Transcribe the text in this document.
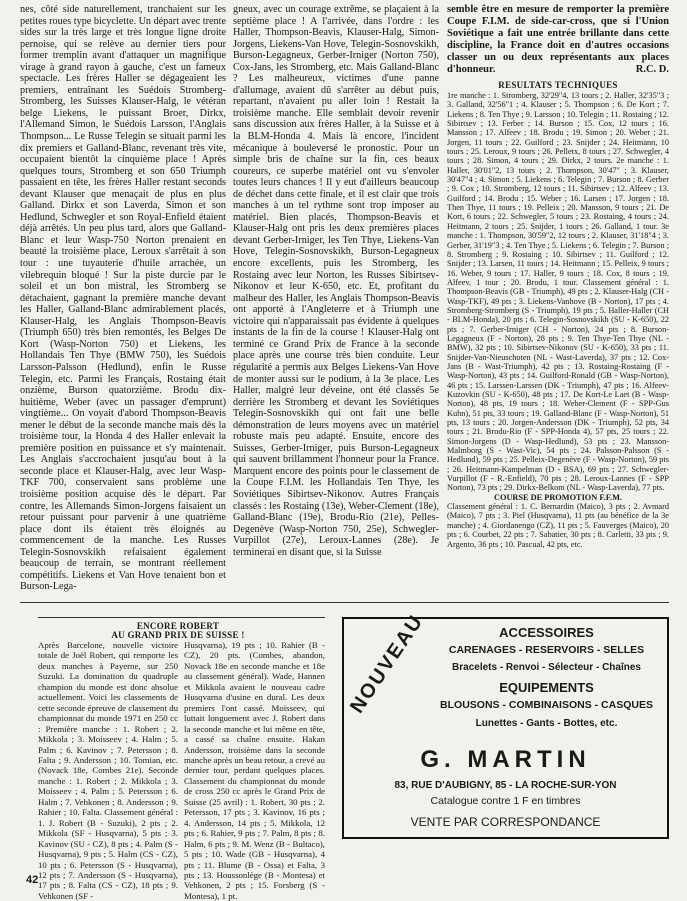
nes, côté side naturellement, tranchaient sur les petites roues type bicyclette. Un départ avec trente sides sur la très large et très longue ligne droite pernoise, qui se relève au dernier tiers pour former tremplin avant d'attaquer un magnifique virage à grand rayon à gauche, c'est un fameux spectacle. Les frères Haller se dégageaient les premiers, entraînant les Suédois Stromberg-Stromberg, les Suisses Klauser-Halg, le vétéran belge Liekens, le puissant Broer, Dirkx, l'Allemand Simon, le Suédois Larsson, l'Anglais Thompson... Le Russe Telegin se situait parmi les dix premiers et Galland-Blanc, revenant très vite, occupaient bientôt la cinquième place ! Après quelques tours, Stromberg et son 650 Triumph passaient en tête, les frères Haller restant seconds devant Klauser que menaçait de plus en plus Galland. Dirkx et son Laverda, Simon et son Hedlund, Schwegler et son Royal-Enfield étaient déjà arrêtés. Un peu plus tard, alors que Galland-Blanc et leur Wasp-750 Norton prenaient en beauté la troisième place, Leroux s'arrêtait à son tour : une tuyauterie d'huile arrachée, un vilebrequin bloqué ! Sur la piste durcie par le soleil et un bon mistral, les Stromberg se détachaient, gagnant la première manche devant les Haller, Galland-Blanc admirablement placés, Klauser-Halg, les Anglais Thompson-Beavis (Triumph 650) très bien remontés, les Belges De Kort (Wasp-Norton 750) et Liekens, les Hollandais Ten Thye (BMW 750), les Suédois Larsson-Palsson (Hedlund), enfin le Russe Telegin, etc. Parmi les Français, Rostaing était onzième, Burson quatorzième. Brodu dix-huitième, Weber (avec un passager d'emprunt) vingtième... On voyait d'abord Thompson-Beavis mener le début de la seconde manche mais dès la troisième tour, la Honda 4 des Haller enlevait la première position en puissance et s'y maintenait. Les Anglais s'accrochaient jusqu'au bout à la seconde place et Klauser-Halg, avec leur Wasp-TKF 700, conservaient sans problème une troisième position acquise dès le départ. Par contre, les Allemands Simon-Jorgens faisaient un retour puissant pour parvenir à une quatrième place dont ils étaient très éloignés au commencement de la manche. Les Russes Telegin-Sosnovskikh refaisaient également beaucoup de terrain, se montrant réellement compétitifs. Liekens et Van Hove tenaient bon et Burson-Lega-

gneux, avec un courage extrême, se plaçaient à la septième place ! A l'arrivée, dans l'ordre : les Haller, Thompson-Beavis, Klauser-Halg, Simon-Jorgens, Liekens-Van Hove, Telegin-Sosnovskikh, Burson-Legagneux, Gerber-Irniger (Norton 750), Cox-Jans, les Stromberg, etc. Mais Galland-Blanc ? Les malheureux, victimes d'une panne d'allumage, avaient dû s'arrêter au début puis, repartant, n'avaient pu aller loin ! Restait la troisième manche. Elle semblait devoir revenir sans discussion aux frères Haller, à la Suisse et à la BLM-Honda 4. Mais là encore, l'incident mécanique à bouleversé le pronostic. Pour un simple bris de chaîne sur la fin, ces beaux coureurs, ce superbe matériel ont vu s'envoler toutes leurs chances ! Il y eut d'ailleurs beaucoup de déchet dans cette finale, et il est clair que trois manches à un tel rythme sont trop imposer au matériel. Bien placés, Thompson-Beavis et Klauser-Halg ont pris les deux premières places devant Gerber-Irniger, les Ten Thye, Liekens-Van Hove, Telegin-Sosnovskikh, Burson-Legagneux encore excellents, puis les Stromberg, les Rostaing avec leur Norton, les Russes Sibirtsev-Nikonov et leur K-650, etc. Et, profitant du malheur des Haller, les Anglais Thompson-Beavis ont apporté à l'Angleterre et à Triumph une victoire qui n'apparaissait pas évidente à quelques instants de la fin de la course ! Klauser-Halg ont terminé ce Grand Prix de France à la seconde place après une course très bien conduite. Leur régularité a permis aux Belges Liekens-Van Hove de monter aussi sur le podium, à la 3e place. Les Haller, malgré leur déveine, ont été classés 5e derrière les Stromberg et devant les Soviétiques Telegin-Sosnovskikh qui ont fait une belle démonstration de leurs moyens avec un matériel robuste mais peu adapté. Ensuite, encore des Suisses, Gerber-Irniger, puis Burson-Legagneux qui sauvent brillamment l'honneur pour la France. Marquent encore des points pour le classement de la Coupe F.I.M. les Hollandais Ten Thye, les Soviétiques Sibirtsev-Nikonov. Autres Français classés : les Rostaing (13e), Weber-Clement (18e), Galland-Blanc (19e), Brodu-Rio (21e), Pelles-Degenève (Wasp-Norton 750, 25e), Schwegler-Vurpillot (27e), Leroux-Lannes (28e). Je terminerai en disant que, si la Suisse

semble être en mesure de remporter la première Coupe F.I.M. de side-car-cross, que si l'Union Soviétique a fait une entrée brillante dans cette discipline, la France doit en d'autres occasions classer un ou deux représentants aux places d'honneur.	R.C. D.
RESULTATS TECHNIQUES

1re manche : 1. Stromberg, 32'29"4, 13 tours ; 2. Haller, 32'35"3 ; 3. Galland, 32'56"1 ; 4. Klauser ; 5. Thompson ; 6. De Kort ; 7. Liekens ; 8. Ten Thye ; 9. Larsson ; 10. Telegin ; 11. Rostaing ; 12. Sibirtsev ; 13. Ferber ; 14. Burson ; 15. Cox, 12 tours ; 16. Mansson ; 17. Alfeev ; 18. Brodu ; 19. Simon ; 20. Weber ; 21. Jorgen, 11 tours ; 22. Guilford ; 23. Snijder ; 24. Heitmann, 10 tours ; 25. Leroux, 9 tours ; 26. Pelletx, 8 tours ; 27. Schwegler, 4 tours ; 28. Simon, 4 tours ; 29. Dirkx, 2 tours. 2e manche : 1. Haller, 30'01"2, 13 tours ; 2. Thompson, 30'47" ; 3. Klauser, 30'47"4 ; 4. Simon ; 5. Liekens ; 6. Telegin ; 7. Burson ; 8. Gerber ; 9. Cox ; 10. Stromberg, 12 tours ; 11. Sibirtsev ; 12. Alfeev ; 13. Guilford ; 14. Brodu ; 15. Weber ; 16. Larsen ; 17. Jorgen ; 18. Then Thye, 11 tours ; 19. Pelleix ; 20. Mansson, 9 tours ; 21. De Kort, 6 tours ; 22. Schwegler, 5 tours ; 23. Rostaing, 4 tours ; 24. Heitmann, 2 tours ; 25. Snijder, 1 tours ; 26. Galland, 1 tour. 3e manche : 1. Thompson, 30'59"2, 12 tours ; 2. Klauser, 31'18"4 ; 3. Gerber, 31'19"3 ; 4. Ten Thye ; 5. Liekens ; 6. Telegin ; 7. Burson ; 8. Stromberg ; 9. Rostaing ; 10. Sibirtsev ; 11. Guilford ; 12. Snijder ; 13. Larsen, 11 tours ; 14. Heitmann ; 15. Pelleix, 9 tours ; 16. Weber, 9 tours ; 17. Haller, 9 tours ; 18. Cox, 8 tours ; 19. Alfeev, 1 tour ; 20. Brodu, 1 tour. Classement général : 1. Thompson-Beavis (GB - Triumph), 49 pts ; 2. Klauser-Halg (CH - Wasp-TKF), 49 pts ; 3. Liekens-Vanhove (B - Norton), 17 pts ; 4. Stromberg-Stromberg (S - Triumph), 19 pts ; 5. Haller-Haller (CH - BLM-Honda), 20 pts ; 6. Telegin-Sosnovskikh (SU - K-650), 22 pts ; 7. Gerber-Irniger (CH - Norton), 24 pts ; 8. Burson-Legagneux (F - Norton), 28 pts ; 9. Ten Thye-Ten Thye (NL - BMW), 32 pts ; 10. Sibirtsev-Nikonov (SU - K-650), 33 pts ; 11. Snijder-Van-Nieuschoten (NL - Wast-Laverda), 37 pts ; 12. Cox-Jans (B - Wast-Triumph), 42 pts ; 13. Rostaing-Rostaing (F - Wasp-Norton), 43 pts ; 14. Guilford-Ronald (GB - Wasp-Norton), 46 pts ; 15. Larssen-Larssen (DK - Triumph), 47 pts ; 16. Alfeev-Kuzovkin (SU - K-650), 48 pts ; 17. De Kort-Le Laet (B - Wasp-Norton), 48 pts, 19 tours ; 18. Weber-Clement (F - SPP-Gus Kuhn), 51 pts, 33 tours ; 19. Galland-Blanc (F - Wasp-Norton), 51 pts, 13 tours ; 20. Jorgen-Andersson (DK - Triumph), 52 pts, 34 tours ; 21. Brodu-Rio (F - SPP-Honda 4), 57 pts, 25 tours ; 22. Simon-Jorgens (D - Wasp-Hedlund), 53 pts ; 23. Mansson-Malmborg (S - Wast-Vic), 54 pts ; 24. Palsson-Palsson (S - Hedlund), 59 pts ; 25. Pelleix-Degenève (F - Wasp-Norton), 59 pts ; 26. Heitmann-Kampelman (D - BSA), 69 pts ; 27. Schwegler-Vurpillot (F - R.-Enfield), 70 pts ; 28. Leroux-Lannes (F - SPP Norton), 73 pts ; 29. Dirkx-Belkom (NL - Wasp-Laverda), 77 pts.

COURSE DE PROMOTION F.F.M.
Classement général : 1. C. Bernardin (Maico), 3 pts ; 2. Avmard (Maico), 7 pts ; 3. Piel (Husqvarna), 11 pts (au bénéfice de la 3e manche) ; 4. Giordanengo (CZ), 11 pts ; 5. Fauverges (Maico), 20 pts ; 6. Courbet, 22 pts ; 7. Sabatier, 30 pts ; 8. Carletti, 33 pts ; 9. Argento, 36 pts ; 10. Pascual, 42 pts, etc.

ENCORE ROBERT
AU GRAND PRIX DE SUISSE !

Après Barcelone, nouvelle victoire totale de Joël Robert, qui remporte les deux manches à Payerne, sur 250 Suzuki. La domination du quadruple champion du monde est donc absolue actuellement. Voici les classements de cette seconde épreuve de classement du championnat du monde 1971 en 250 cc : Première manche : 1. Robert ; 2. Mikkola ; 3. Moisseev ; 4. Halm ; 5. Palm ; 6. Kavinov ; 7. Petersson ; 8. Falta ; 9. Andersson ; 10. Tomian, etc. (Novack 18e, Combes 21e). Seconde manche : 1. Robert ; 2. Mikkola ; 3. Moisseev ; 4. Palm ; 5. Petersson ; 6. Halm ; 7. Vehkonen ; 8. Andersson ; 9. Rahier ; 10. Falta. Classement général : 1. J. Robert (B - Suzuki), 2 pts ; 2. Mikkola (SF - Husqvarna), 5 pts ; 3. Kavinov (SU - CZ), 8 pts ; 4. Palm (S - Husqvarna), 9 pts ; 5. Halm (CS - CZ), 10 pts ; 6. Petersson (S - Husqvarna), 12 pts ; 7. Andersson (S - Husqvarna), 17 pts ; 8. Falta (CS - CZ), 18 pts ; 9. Vehkonen (SF -

Husqvarna), 19 pts ; 10. Rahier (B - CZ), 20 pts. (Combes, abandon, Novack 18e en seconde manche et 18e au classement général). Wade, Hannen et Mikkola avaient le nouveau cadre Husqvarna d'usine en dural. Les deux premiers l'ont cassé. Moisseev, qui luttait longuement avec J. Robert dans la seconde manche et lui même en tête, a cassé sa chaîne ensuite. Hakan Andersson, troisième dans la seconde manche après un beau retour, a crevé au dernier tour, perdant quelques places. Classement du championnat du monde de cross 250 cc après le Grand Prix de Suisse (25 avril) : 1. Robert, 30 pts ; 2. Petersson, 17 pts ; 3. Kavinov, 16 pts ; 4. Andersson, 14 pts ; 5. Mikkola, 12 pts ; 6. Rahier, 9 pts ; 7. Palm, 8 pts ; 8. Halm, 6 pts ; 9. M. Wenz (B - Bultaco), 5 pts ; 10. Wade (GB - Husqvarna), 4 pts ; 11. Blume (B - Ossa) et Falta, 3 pts ; 13. Houssonlège (B - Montesa) et Vehkonen, 2 pts ; 15. Forsberg (S - Montesa), 1 pt.

NOUVEAU	ACCESSOIRES
CARENAGES - RESERVOIRS - SELLES
Bracelets - Renvoi - Sélecteur - Chaînes
EQUIPEMENTS
BLOUSONS - COMBINAISONS - CASQUES
Lunettes - Gants - Bottes, etc.
G. MARTIN
83, RUE D'AUBIGNY, 85 - LA ROCHE-SUR-YON
Catalogue contre 1 F en timbres
VENTE PAR CORRESPONDANCE
42
